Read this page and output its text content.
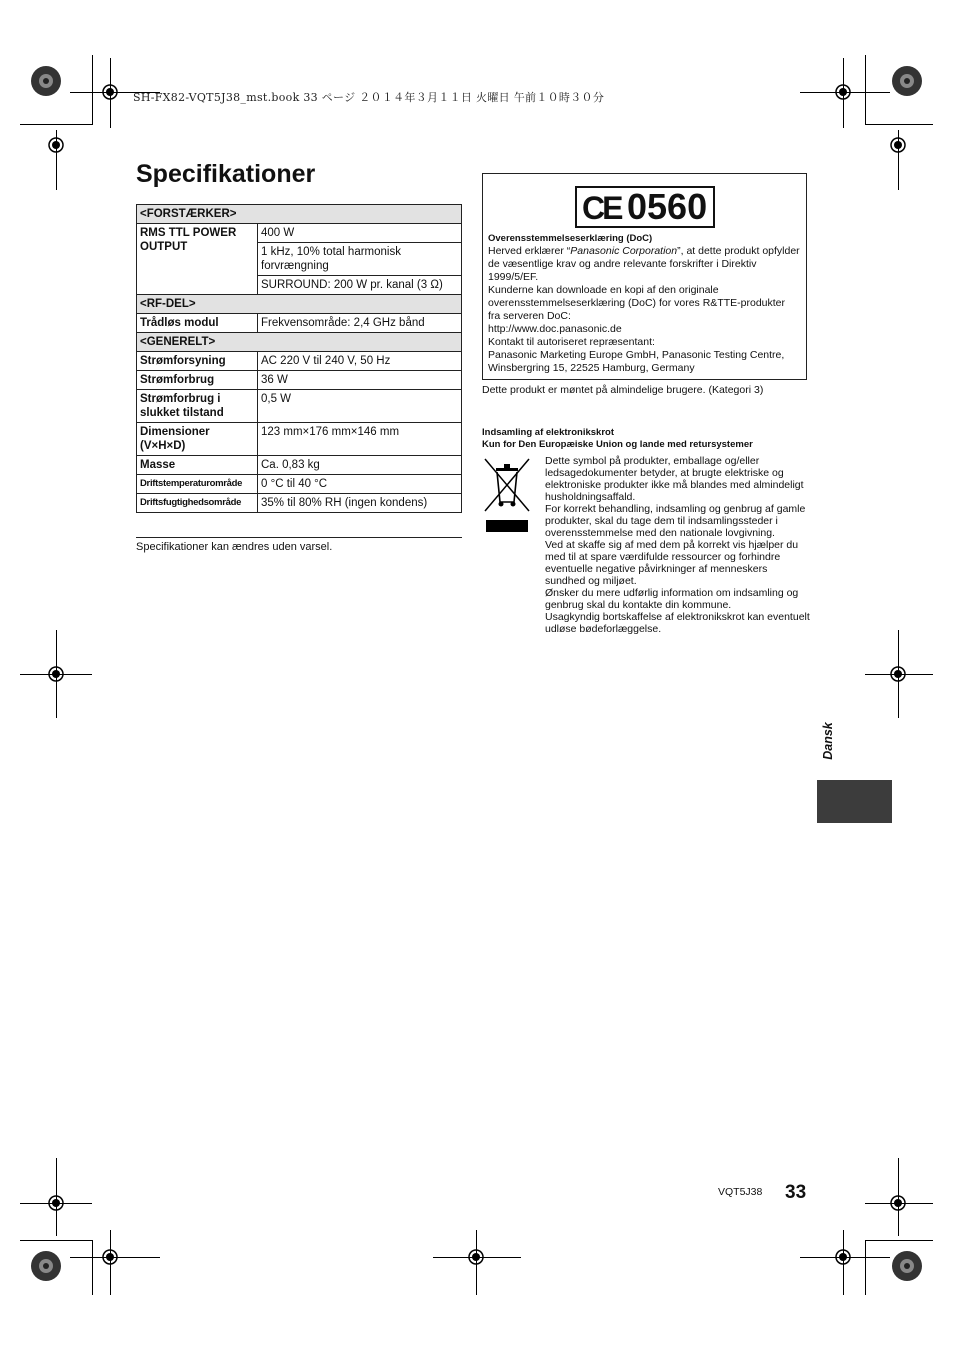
SH-FX82-VQT5J38_mst.book 33 ページ ２０１４年３月１１日 火曜日 午前１０時３０分
Specifikationer
<FORSTÆRKER>	
RMS TTL POWER OUTPUT	400 W
	1 kHz, 10% total harmonisk forvrængning
	SURROUND: 200 W pr. kanal (3 Ω)
<RF-DEL>	
Trådløs modul	Frekvensområde: 2,4 GHz bånd
<GENERELT>	
Strømforsyning	AC 220 V til 240 V, 50 Hz
Strømforbrug	36 W
Strømforbrug i slukket tilstand	0,5 W
Dimensioner (V×H×D)	123 mm×176 mm×146 mm
Masse	Ca. 0,83 kg
Driftstemperaturområde	0 °C til 40 °C
Driftsfugtighedsområde	35% til 80% RH (ingen kondens)
Specifikationer kan ændres uden varsel.
CE 0560
Overensstemmelseserklæring (DoC)
Herved erklærer “Panasonic Corporation”, at dette produkt opfylder de væsentlige krav og andre relevante forskrifter i Direktiv 1999/5/EF.
Kunderne kan downloade en kopi af den originale overensstemmelseserklæring (DoC) for vores R&TTE-produkter fra serveren DoC:
http://www.doc.panasonic.de
Kontakt til autoriseret repræsentant:
Panasonic Marketing Europe GmbH, Panasonic Testing Centre, Winsbergring 15, 22525 Hamburg, Germany
Dette produkt er møntet på almindelige brugere. (Kategori 3)
Indsamling af elektronikskrot
Kun for Den Europæiske Union og lande med retursystemer
Dette symbol på produkter, emballage og/eller ledsagedokumenter betyder, at brugte elektriske og elektroniske produkter ikke må blandes med almindeligt husholdningsaffald.
For korrekt behandling, indsamling og genbrug af gamle produkter, skal du tage dem til indsamlingssteder i overensstemmelse med den nationale lovgivning.
Ved at skaffe sig af med dem på korrekt vis hjælper du med til at spare værdifulde ressourcer og forhindre eventuelle negative påvirkninger af menneskers sundhed og miljøet.
Ønsker du mere udførlig information om indsamling og genbrug skal du kontakte din kommune.
Usagkyndig bortskaffelse af elektronikskrot kan eventuelt udløse bødeforlæggelse.
Dansk
VQT5J38 33
